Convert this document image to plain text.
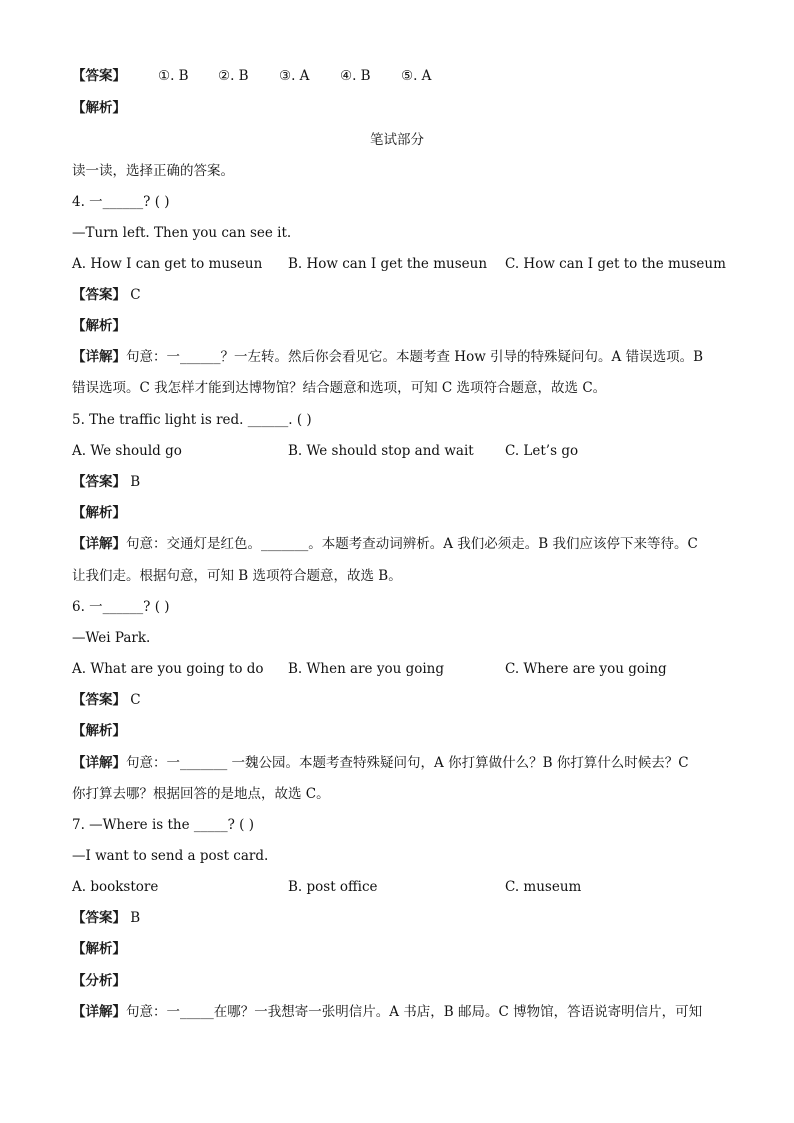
【答案】 ①. B ②. B ③. A ④. B ⑤. A
【解析】
笔试部分
读一读，选择正确的答案。
4. 一______? ( )
—Turn left. Then you can see it.
A. How I can get to museun B. How can I get the museun C. How can I get to the museum
【答案】 C
【解析】
【详解】句意：一______？一左转。然后你会看见它。本题考查 How 引导的特殊疑问句。A 错误选项。B
错误选项。C 我怎样才能到达博物馆？结合题意和选项，可知 C 选项符合题意，故选 C。
5. The traffic light is red. ______. ( )
A. We should go	B. We should stop and wait C. Let’s go
【答案】 B
【解析】
【详解】句意：交通灯是红色。_______。本题考查动词辨析。A 我们必须走。B 我们应该停下来等待。C
让我们走。根据句意，可知 B 选项符合题意，故选 B。
6. 一______? ( )
—Wei Park.
A. What are you going to do B. When are you going	C. Where are you going
【答案】 C
【解析】
【详解】句意：一_______ 一魏公园。本题考查特殊疑问句，A 你打算做什么？B 你打算什么时候去？C
你打算去哪？根据回答的是地点，故选 C。
7. —Where is the _____? ( )
—I want to send a post card.
A. bookstore	B. post office	C. museum
【答案】 B
【解析】
【分析】
【详解】句意：一_____在哪？一我想寄一张明信片。A 书店，B 邮局。C 博物馆，答语说寄明信片，可知
